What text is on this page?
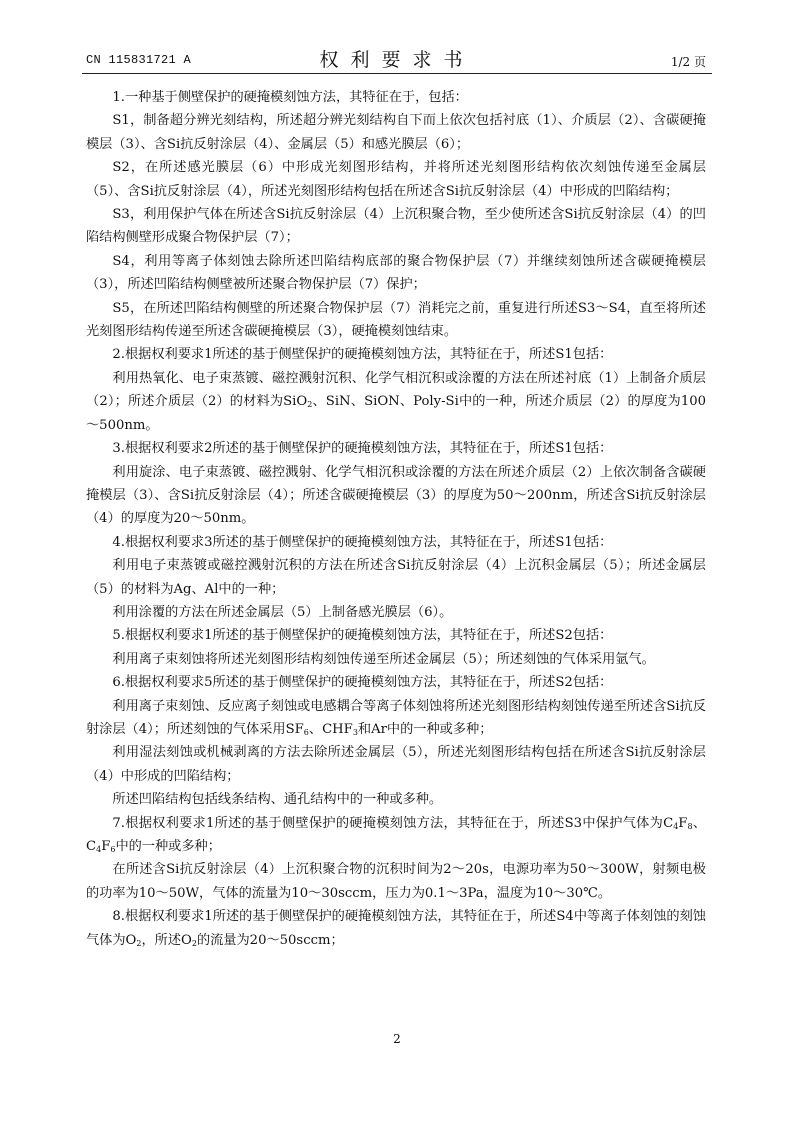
CN 115831721 A	权利要求书	1/2 页

1.一种基于侧壁保护的硬掩模刻蚀方法，其特征在于，包括：

S1，制备超分辨光刻结构，所述超分辨光刻结构自下而上依次包括衬底（1）、介质层（2）、含碳硬掩模层（3）、含Si抗反射涂层（4）、金属层（5）和感光膜层（6）；

S2，在所述感光膜层（6）中形成光刻图形结构，并将所述光刻图形结构依次刻蚀传递至金属层（5）、含Si抗反射涂层（4），所述光刻图形结构包括在所述含Si抗反射涂层（4）中形成的凹陷结构；

S3，利用保护气体在所述含Si抗反射涂层（4）上沉积聚合物，至少使所述含Si抗反射涂层（4）的凹陷结构侧壁形成聚合物保护层（7）；

S4，利用等离子体刻蚀去除所述凹陷结构底部的聚合物保护层（7）并继续刻蚀所述含碳硬掩模层（3），所述凹陷结构侧壁被所述聚合物保护层（7）保护；

S5，在所述凹陷结构侧壁的所述聚合物保护层（7）消耗完之前，重复进行所述S3～S4，直至将所述光刻图形结构传递至所述含碳硬掩模层（3），硬掩模刻蚀结束。

2.根据权利要求1所述的基于侧壁保护的硬掩模刻蚀方法，其特征在于，所述S1包括：

利用热氧化、电子束蒸镀、磁控溅射沉积、化学气相沉积或涂覆的方法在所述衬底（1）上制备介质层（2）；所述介质层（2）的材料为SiO$_2$、SiN、SiON、Poly-Si中的一种，所述介质层（2）的厚度为100～500nm。

3.根据权利要求2所述的基于侧壁保护的硬掩模刻蚀方法，其特征在于，所述S1包括：

利用旋涂、电子束蒸镀、磁控溅射、化学气相沉积或涂覆的方法在所述介质层（2）上依次制备含碳硬掩模层（3）、含Si抗反射涂层（4）；所述含碳硬掩模层（3）的厚度为50～200nm，所述含Si抗反射涂层（4）的厚度为20～50nm。

4.根据权利要求3所述的基于侧壁保护的硬掩模刻蚀方法，其特征在于，所述S1包括：

利用电子束蒸镀或磁控溅射沉积的方法在所述含Si抗反射涂层（4）上沉积金属层（5）；所述金属层（5）的材料为Ag、Al中的一种；

利用涂覆的方法在所述金属层（5）上制备感光膜层（6）。

5.根据权利要求1所述的基于侧壁保护的硬掩模刻蚀方法，其特征在于，所述S2包括：

利用离子束刻蚀将所述光刻图形结构刻蚀传递至所述金属层（5）；所述刻蚀的气体采用氩气。

6.根据权利要求5所述的基于侧壁保护的硬掩模刻蚀方法，其特征在于，所述S2包括：

利用离子束刻蚀、反应离子刻蚀或电感耦合等离子体刻蚀将所述光刻图形结构刻蚀传递至所述含Si抗反射涂层（4）；所述刻蚀的气体采用$SF_6$、$CHF_3$和Ar中的一种或多种；

利用湿法刻蚀或机械剥离的方法去除所述金属层（5），所述光刻图形结构包括在所述含Si抗反射涂层（4）中形成的凹陷结构；

所述凹陷结构包括线条结构、通孔结构中的一种或多种。

7.根据权利要求1所述的基于侧壁保护的硬掩模刻蚀方法，其特征在于，所述S3中保护气体为$C_4F_8$、$C_4F_6$中的一种或多种；

在所述含Si抗反射涂层（4）上沉积聚合物的沉积时间为2～20s，电源功率为50～300W，射频电极的功率为10～50W，气体的流量为10～30sccm，压力为0.1～3Pa，温度为10～30℃。

8.根据权利要求1所述的基于侧壁保护的硬掩模刻蚀方法，其特征在于，所述S4中等离子体刻蚀的刻蚀气体为$O_2$，所述$O_2$的流量为20～50sccm；

2
